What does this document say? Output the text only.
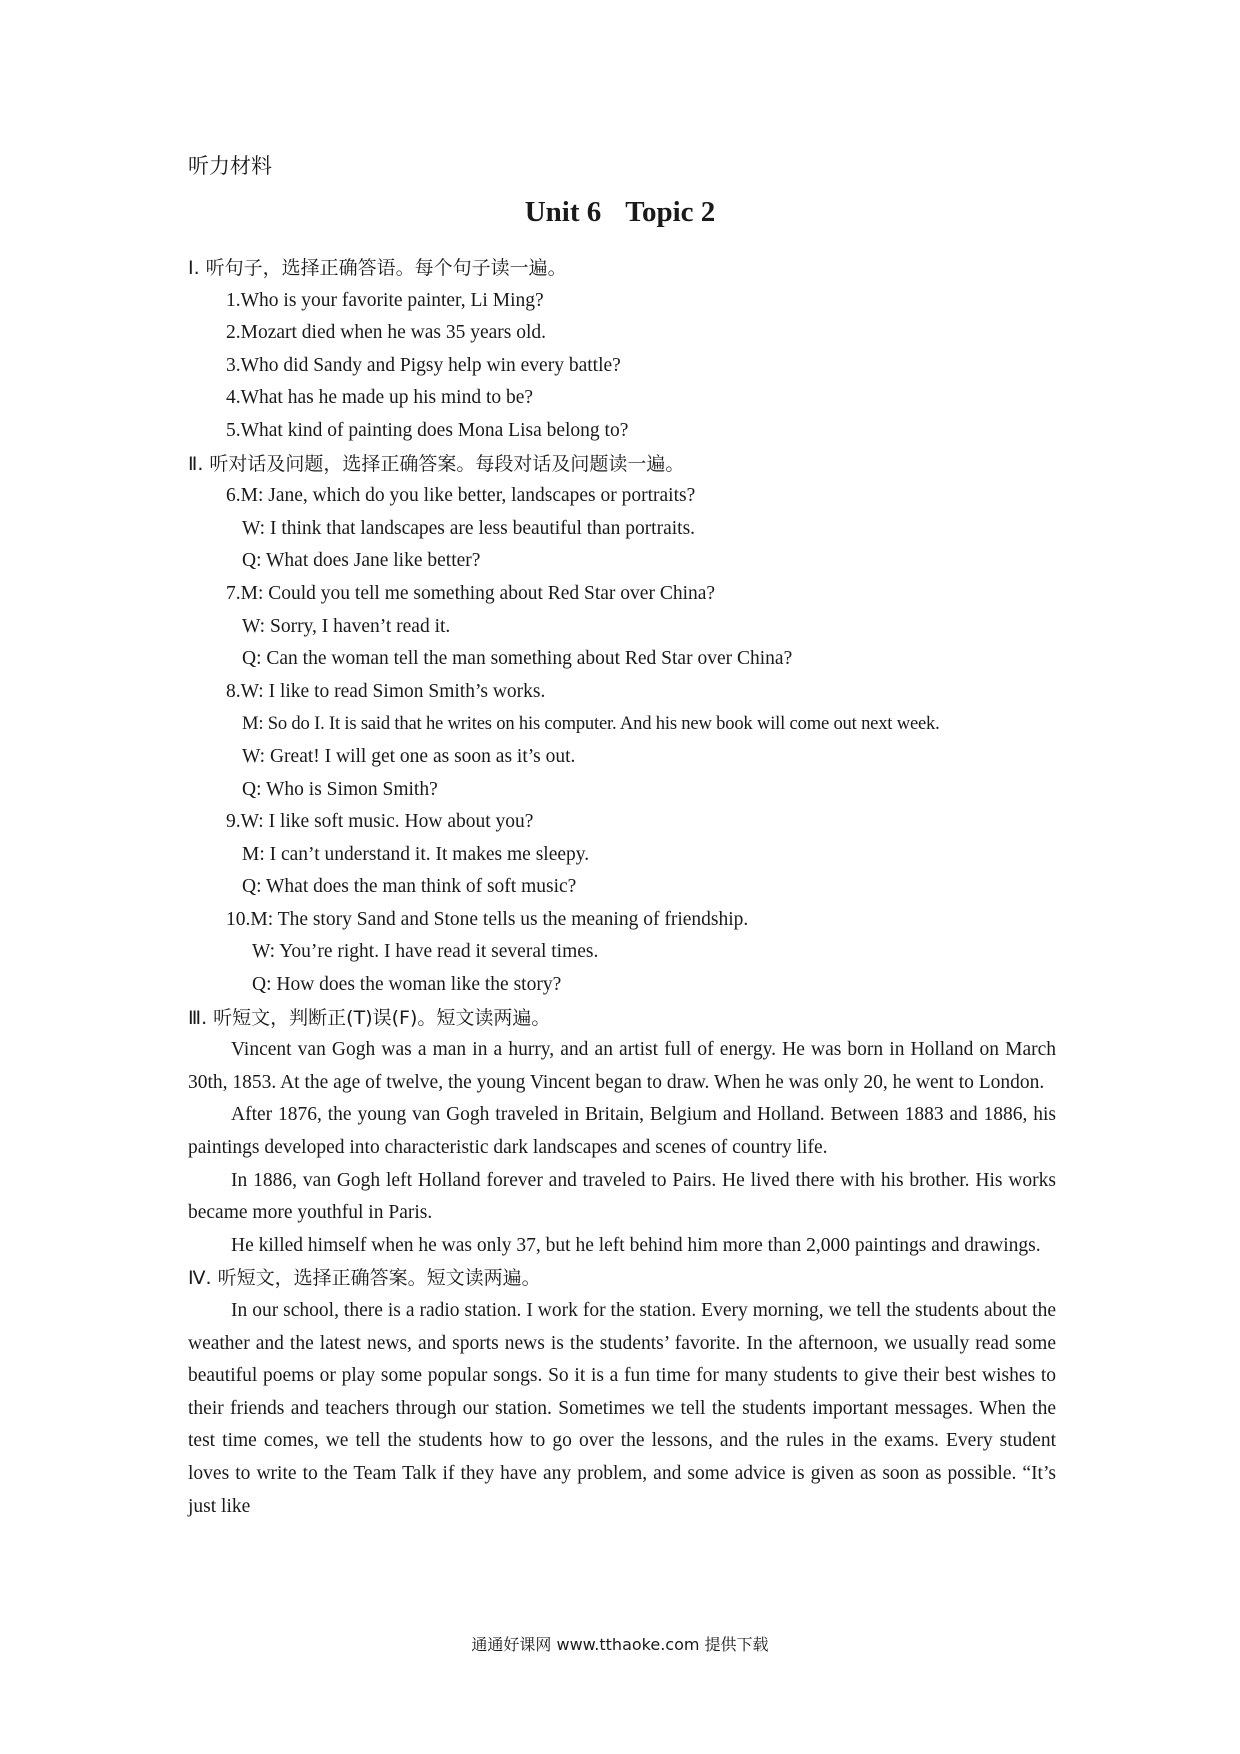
听力材料
Unit 6 Topic 2
Ⅰ. 听句子，选择正确答语。每个句子读一遍。
1.Who is your favorite painter, Li Ming?
2.Mozart died when he was 35 years old.
3.Who did Sandy and Pigsy help win every battle?
4.What has he made up his mind to be?
5.What kind of painting does Mona Lisa belong to?
Ⅱ. 听对话及问题，选择正确答案。每段对话及问题读一遍。
6.M: Jane, which do you like better, landscapes or portraits?
W: I think that landscapes are less beautiful than portraits.
Q: What does Jane like better?
7.M: Could you tell me something about Red Star over China?
W: Sorry, I haven’t read it.
Q: Can the woman tell the man something about Red Star over China?
8.W: I like to read Simon Smith’s works.
M: So do I. It is said that he writes on his computer. And his new book will come out next week.
W: Great! I will get one as soon as it’s out.
Q: Who is Simon Smith?
9.W: I like soft music. How about you?
M: I can’t understand it. It makes me sleepy.
Q: What does the man think of soft music?
10.M: The story Sand and Stone tells us the meaning of friendship.
W: You’re right. I have read it several times.
Q: How does the woman like the story?
Ⅲ. 听短文，判断正(T)误(F)。短文读两遍。
Vincent van Gogh was a man in a hurry, and an artist full of energy. He was born in Holland on March 30th, 1853. At the age of twelve, the young Vincent began to draw. When he was only 20, he went to London.
After 1876, the young van Gogh traveled in Britain, Belgium and Holland. Between 1883 and 1886, his paintings developed into characteristic dark landscapes and scenes of country life.
In 1886, van Gogh left Holland forever and traveled to Pairs. He lived there with his brother. His works became more youthful in Paris.
He killed himself when he was only 37, but he left behind him more than 2,000 paintings and drawings.
Ⅳ. 听短文，选择正确答案。短文读两遍。
In our school, there is a radio station. I work for the station. Every morning, we tell the students about the weather and the latest news, and sports news is the students’ favorite. In the afternoon, we usually read some beautiful poems or play some popular songs. So it is a fun time for many students to give their best wishes to their friends and teachers through our station. Sometimes we tell the students important messages. When the test time comes, we tell the students how to go over the lessons, and the rules in the exams. Every student loves to write to the Team Talk if they have any problem, and some advice is given as soon as possible. “It’s just like
通通好课网 www.tthaoke.com 提供下载
